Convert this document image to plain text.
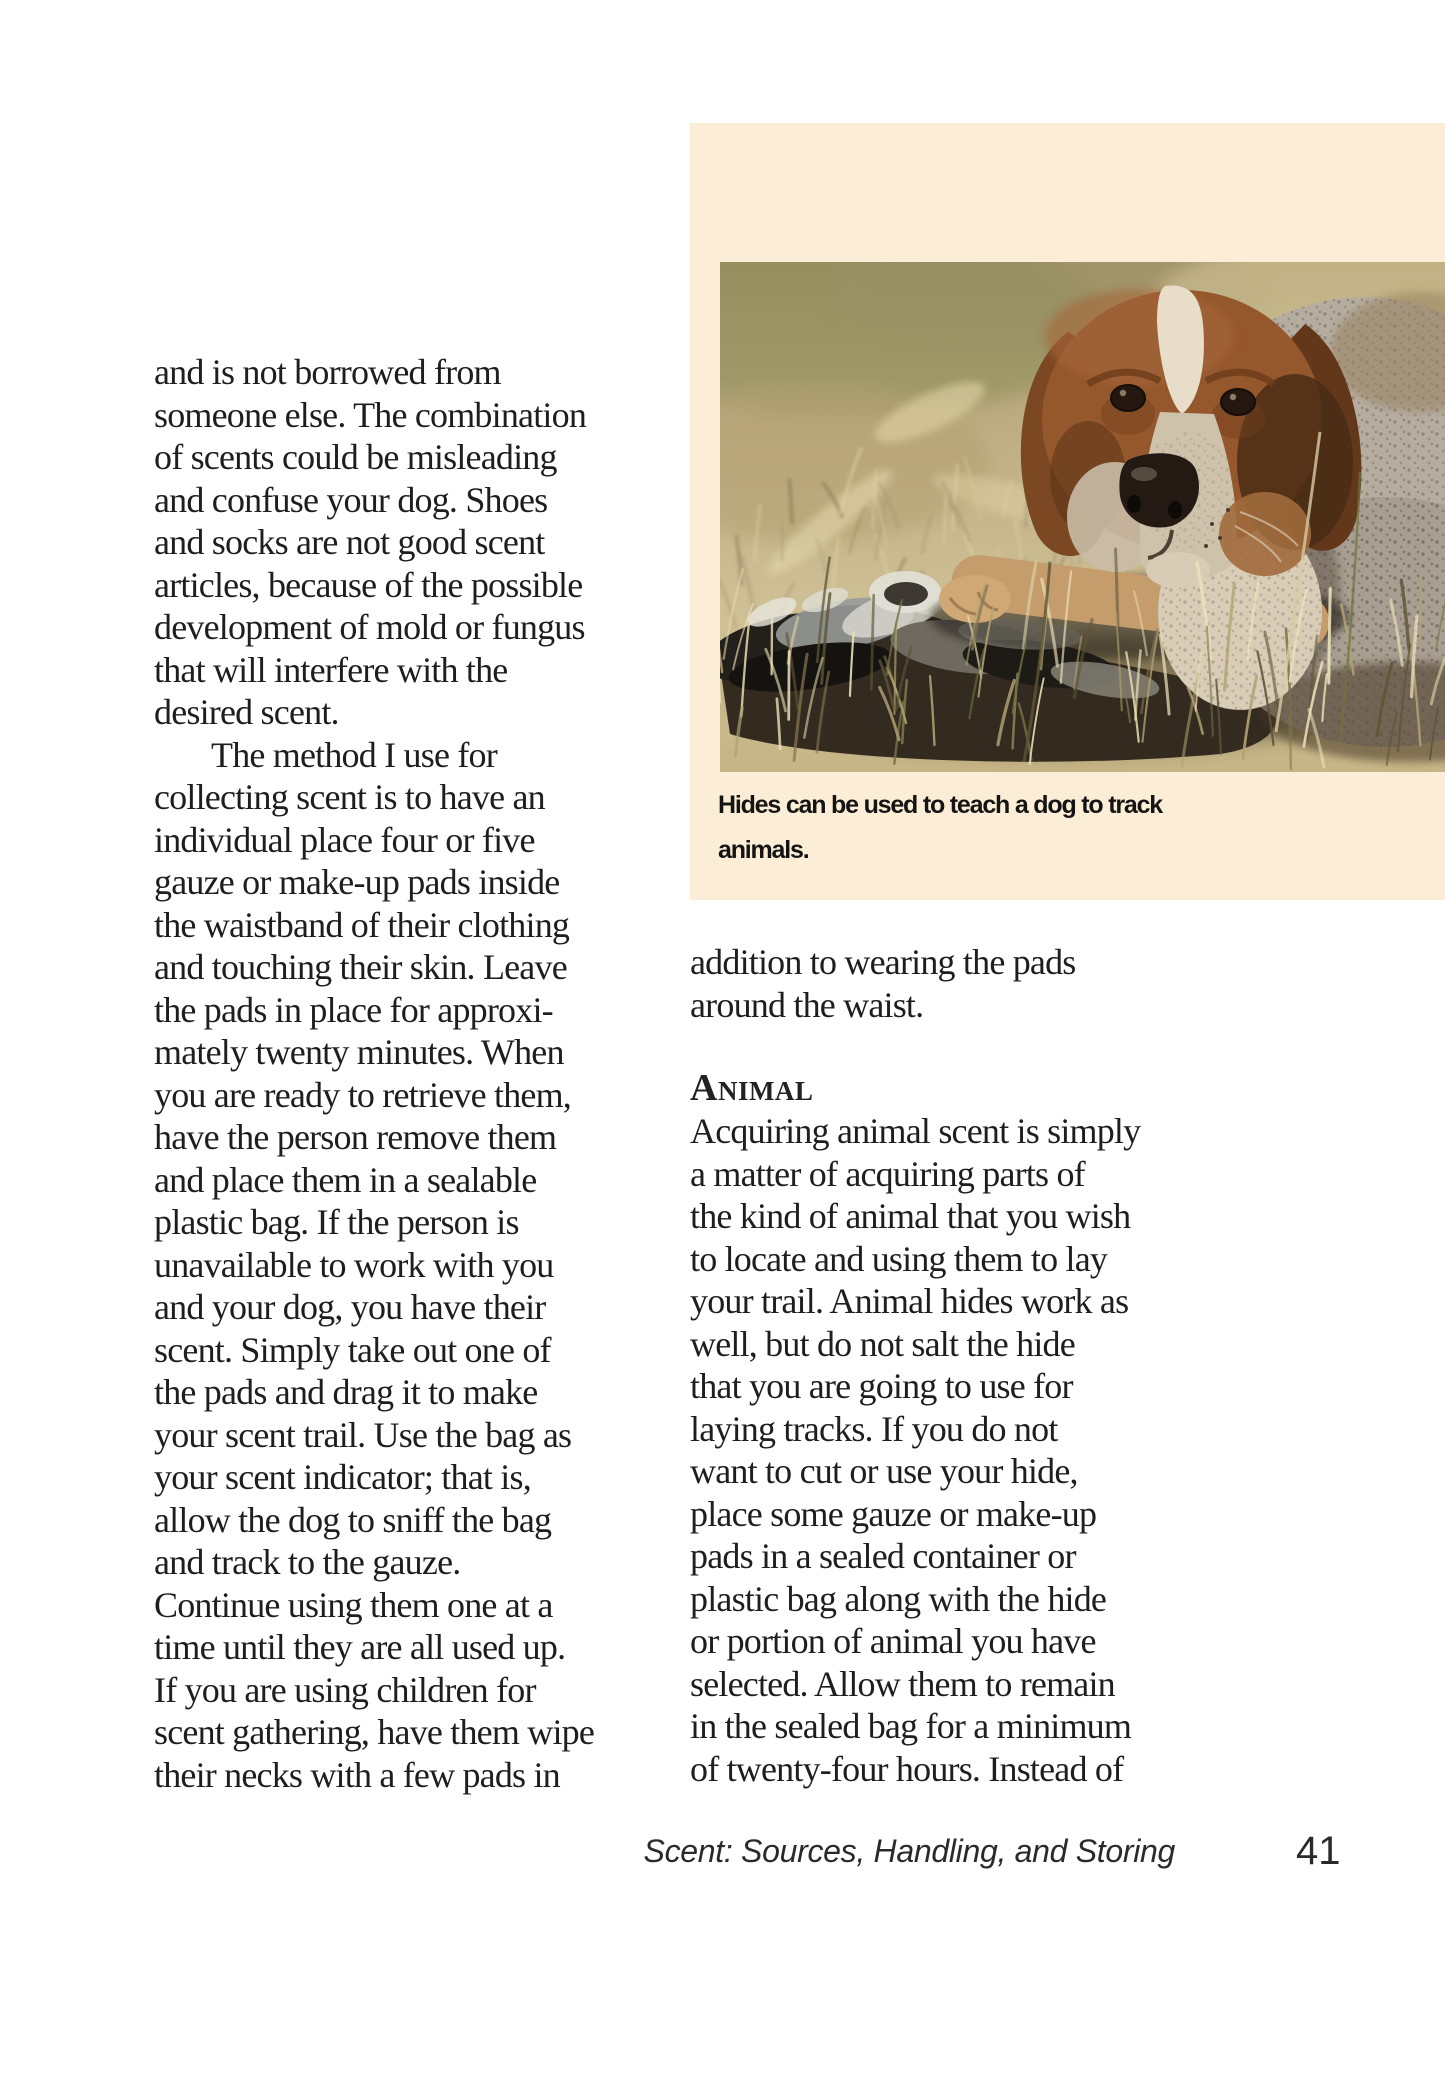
Hides can be used to teach a dog to track
animals.
and is not borrowed from
someone else. The combination
of scents could be misleading
and confuse your dog. Shoes
and socks are not good scent
articles, because of the possible
development of mold or fungus
that will interfere with the
desired scent.
The method I use for
collecting scent is to have an
individual place four or five
gauze or make-up pads inside
the waistband of their clothing
and touching their skin. Leave
the pads in place for approxi-
mately twenty minutes. When
you are ready to retrieve them,
have the person remove them
and place them in a sealable
plastic bag. If the person is
unavailable to work with you
and your dog, you have their
scent. Simply take out one of
the pads and drag it to make
your scent trail. Use the bag as
your scent indicator; that is,
allow the dog to sniff the bag
and track to the gauze.
Continue using them one at a
time until they are all used up.
If you are using children for
scent gathering, have them wipe
their necks with a few pads in
addition to wearing the pads
around the waist.
Animal
Acquiring animal scent is simply
a matter of acquiring parts of
the kind of animal that you wish
to locate and using them to lay
your trail. Animal hides work as
well, but do not salt the hide
that you are going to use for
laying tracks. If you do not
want to cut or use your hide,
place some gauze or make-up
pads in a sealed container or
plastic bag along with the hide
or portion of animal you have
selected. Allow them to remain
in the sealed bag for a minimum
of twenty-four hours. Instead of
Scent: Sources, Handling, and Storing	41
